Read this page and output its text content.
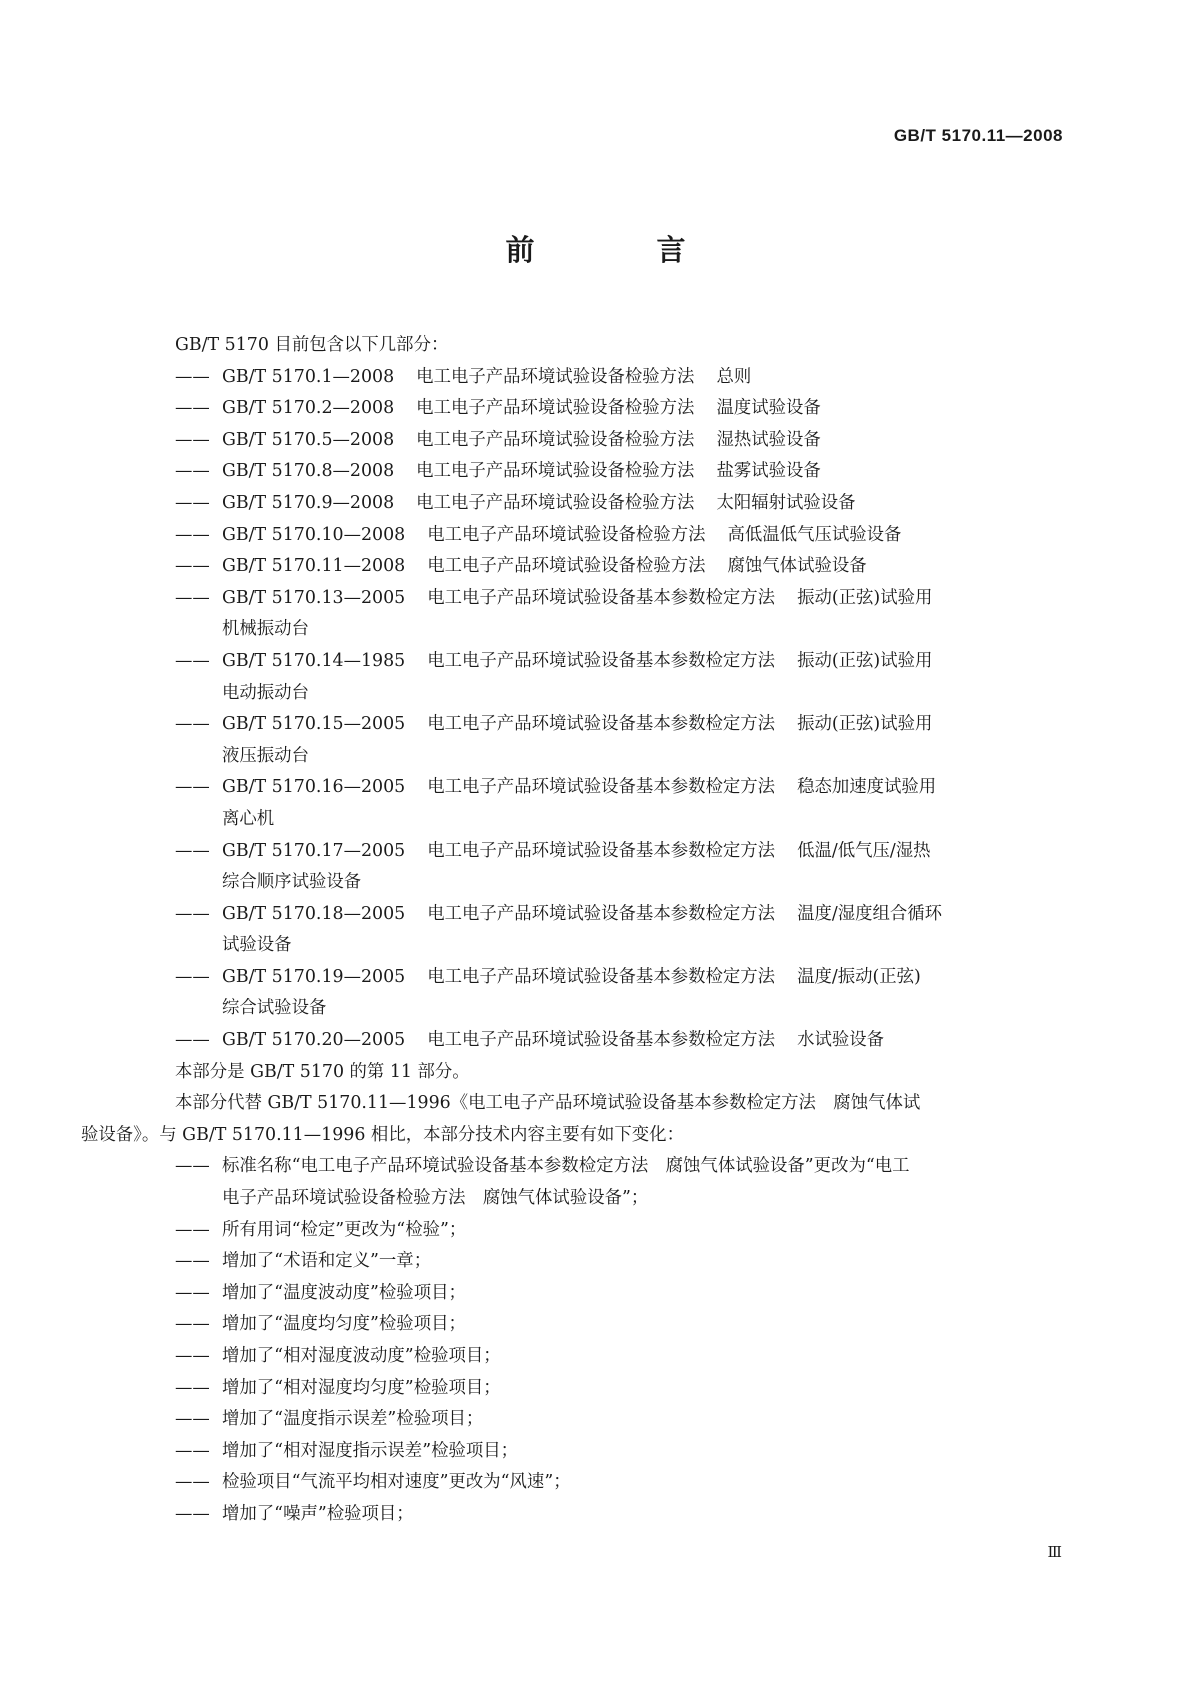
GB/T 5170.11—2008
前 言
GB/T 5170 目前包含以下几部分：
—— GB/T 5170.1—2008 电工电子产品环境试验设备检验方法 总则
—— GB/T 5170.2—2008 电工电子产品环境试验设备检验方法 温度试验设备
—— GB/T 5170.5—2008 电工电子产品环境试验设备检验方法 湿热试验设备
—— GB/T 5170.8—2008 电工电子产品环境试验设备检验方法 盐雾试验设备
—— GB/T 5170.9—2008 电工电子产品环境试验设备检验方法 太阳辐射试验设备
—— GB/T 5170.10—2008 电工电子产品环境试验设备检验方法 高低温低气压试验设备
—— GB/T 5170.11—2008 电工电子产品环境试验设备检验方法 腐蚀气体试验设备
—— GB/T 5170.13—2005 电工电子产品环境试验设备基本参数检定方法 振动(正弦)试验用
机械振动台
—— GB/T 5170.14—1985 电工电子产品环境试验设备基本参数检定方法 振动(正弦)试验用
电动振动台
—— GB/T 5170.15—2005 电工电子产品环境试验设备基本参数检定方法 振动(正弦)试验用
液压振动台
—— GB/T 5170.16—2005 电工电子产品环境试验设备基本参数检定方法 稳态加速度试验用
离心机
—— GB/T 5170.17—2005 电工电子产品环境试验设备基本参数检定方法 低温/低气压/湿热
综合顺序试验设备
—— GB/T 5170.18—2005 电工电子产品环境试验设备基本参数检定方法 温度/湿度组合循环
试验设备
—— GB/T 5170.19—2005 电工电子产品环境试验设备基本参数检定方法 温度/振动(正弦)
综合试验设备
—— GB/T 5170.20—2005 电工电子产品环境试验设备基本参数检定方法 水试验设备
本部分是 GB/T 5170 的第 11 部分。
本部分代替 GB/T 5170.11—1996《电工电子产品环境试验设备基本参数检定方法　腐蚀气体试
验设备》。与 GB/T 5170.11—1996 相比，本部分技术内容主要有如下变化：
—— 标准名称“电工电子产品环境试验设备基本参数检定方法　腐蚀气体试验设备”更改为“电工
电子产品环境试验设备检验方法　腐蚀气体试验设备”；
—— 所有用词“检定”更改为“检验”；
—— 增加了“术语和定义”一章；
—— 增加了“温度波动度”检验项目；
—— 增加了“温度均匀度”检验项目；
—— 增加了“相对湿度波动度”检验项目；
—— 增加了“相对湿度均匀度”检验项目；
—— 增加了“温度指示误差”检验项目；
—— 增加了“相对湿度指示误差”检验项目；
—— 检验项目“气流平均相对速度”更改为“风速”；
—— 增加了“噪声”检验项目；
Ⅲ
